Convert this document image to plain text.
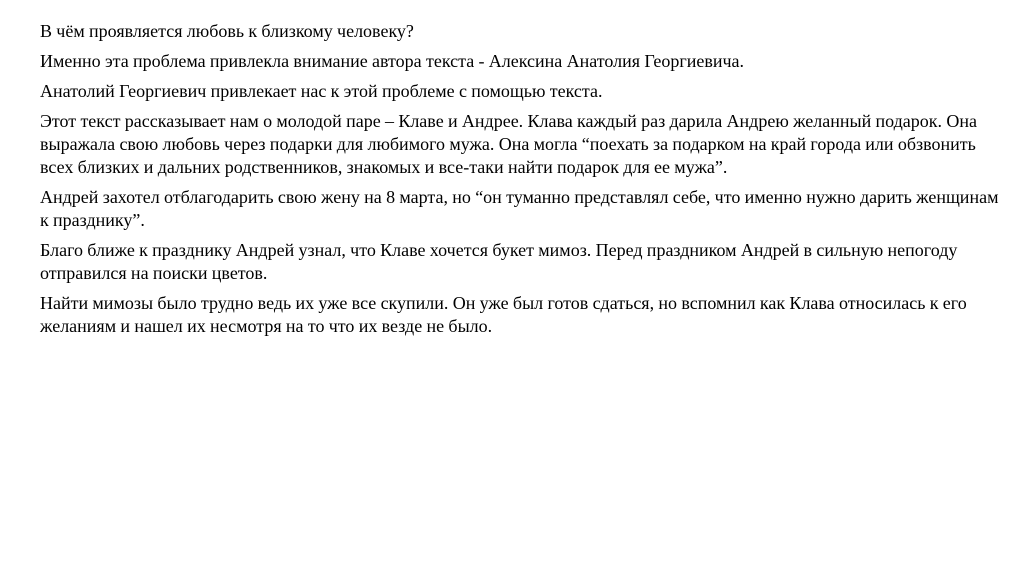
В чём проявляется любовь к близкому человеку?

Именно эта проблема привлекла внимание автора текста - Алексина Анатолия Георгиевича.

Анатолий Георгиевич привлекает нас к этой проблеме с помощью текста.

Этот текст рассказывает нам о молодой паре – Клаве и Андрее. Клава каждый раз дарила Андрею желанный подарок. Она выражала свою любовь через подарки для любимого мужа. Она могла “поехать за подарком на край города или обзвонить всех близких и дальних родственников, знакомых и все-таки найти подарок для ее мужа”.

Андрей захотел отблагодарить свою жену на 8 марта, но “он туманно представлял себе, что именно нужно дарить женщинам к празднику”.

Благо ближе к празднику Андрей узнал, что Клаве хочется букет мимоз. Перед праздником Андрей в сильную непогоду отправился на поиски цветов.

Найти мимозы было трудно ведь их уже все скупили. Он уже был готов сдаться, но вспомнил как Клава относилась к его желаниям и нашел их несмотря на то что их везде не было.
